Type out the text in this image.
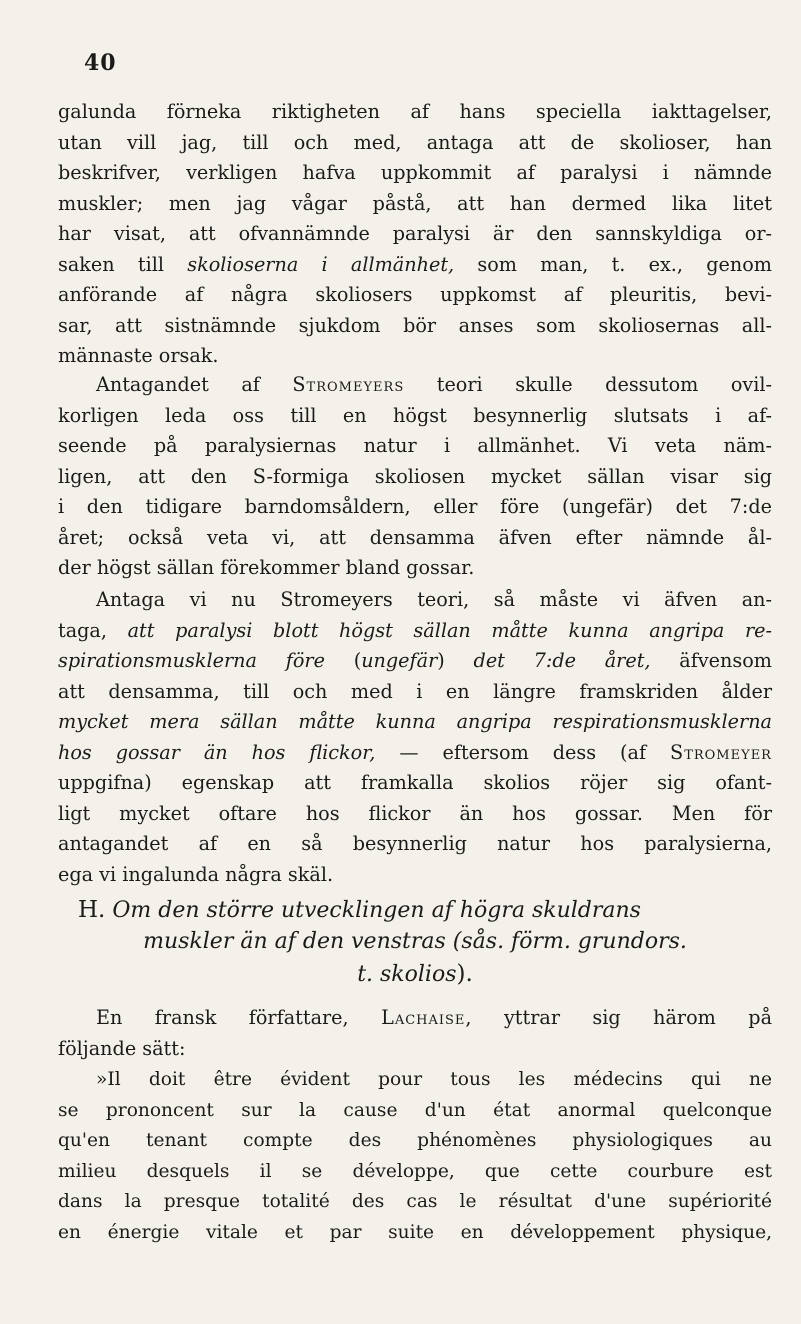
40
galunda förneka riktigheten af hans speciella iakttagelser,
utan vill jag, till och med, antaga att de skolioser, han
beskrifver, verkligen hafva uppkommit af paralysi i nämnde
muskler; men jag vågar påstå, att han dermed lika litet
har visat, att ofvannämnde paralysi är den sannskyldiga or-
saken till skolioserna i allmänhet, som man, t. ex., genom
anförande af några skoliosers uppkomst af pleuritis, bevi-
sar, att sistnämnde sjukdom bör anses som skoliosernas all-
männaste orsak.
Antagandet af Stromeyers teori skulle dessutom ovil-
korligen leda oss till en högst besynnerlig slutsats i af-
seende på paralysiernas natur i allmänhet. Vi veta näm-
ligen, att den S-formiga skoliosen mycket sällan visar sig
i den tidigare barndomsåldern, eller före (ungefär) det 7:de
året; också veta vi, att densamma äfven efter nämnde ål-
der högst sällan förekommer bland gossar.
Antaga vi nu Stromeyers teori, så måste vi äfven an-
taga, att paralysi blott högst sällan måtte kunna angripa re-
spirationsmusklerna före (ungefär) det 7:de året, äfvensom
att densamma, till och med i en längre framskriden ålder
mycket mera sällan måtte kunna angripa respirationsmusklerna
hos gossar än hos flickor, — eftersom dess (af Stromeyer
uppgifna) egenskap att framkalla skolios röjer sig ofant-
ligt mycket oftare hos flickor än hos gossar. Men för
antagandet af en så besynnerlig natur hos paralysierna,
ega vi ingalunda några skäl.
H. Om den större utvecklingen af högra skuldrans
muskler än af den venstras (sås. förm. grundors.
t. skolios).
En fransk författare, Lachaise, yttrar sig härom på
följande sätt:
»Il doit être évident pour tous les médecins qui ne
se prononcent sur la cause d'un état anormal quelconque
qu'en tenant compte des phénomènes physiologiques au
milieu desquels il se développe, que cette courbure est
dans la presque totalité des cas le résultat d'une supériorité
en énergie vitale et par suite en développement physique,
